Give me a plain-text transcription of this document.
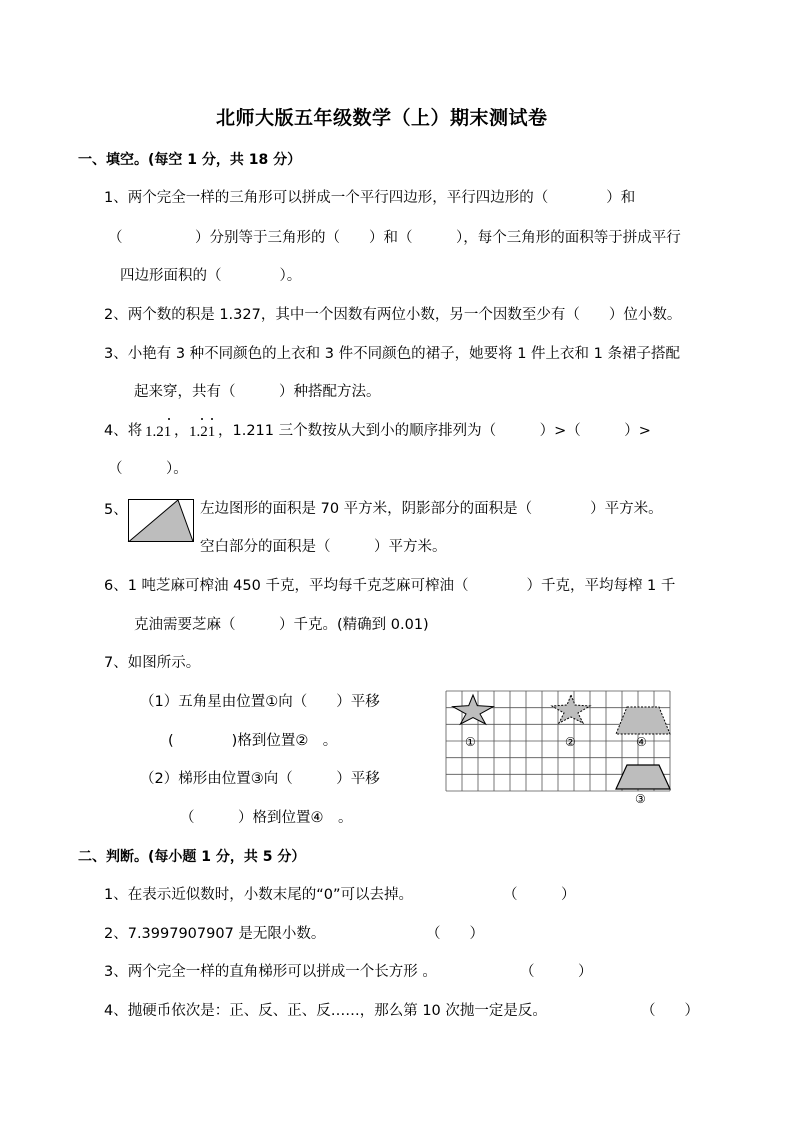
北师大版五年级数学（上）期末测试卷
一、填空。(每空 1 分，共 18 分）
1、两个完全一样的三角形可以拼成一个平行四边形，平行四边形的（　　　　）和
（　　　　　）分别等于三角形的（　　）和（　　　），每个三角形的面积等于拼成平行
四边形面积的（　　　　）。
2、两个数的积是 1.327，其中一个因数有两位小数，另一个因数至少有（　　）位小数。
3、小艳有 3 种不同颜色的上衣和 3 件不同颜色的裙子，她要将 1 件上衣和 1 条裙子搭配
起来穿，共有（　　　）种搭配方法。
4、将 1.21 ， 1.21 ，1.211 三个数按从大到小的顺序排列为（　　　）>（　　　）>
（　　　）。
5、	左边图形的面积是 70 平方米，阴影部分的面积是（　　　　）平方米。
空白部分的面积是（　　　）平方米。
6、1 吨芝麻可榨油 450 千克，平均每千克芝麻可榨油（　　　　）千克，平均每榨 1 千
克油需要芝麻（　　　）千克。(精确到 0.01)
7、如图所示。
（1）五角星由位置①向（　　）平移
(　　　　)格到位置②　。
（2）梯形由位置③向（　　　）平移
（　　　）格到位置④　。
①	②	④
③
二、判断。(每小题 1 分，共 5 分）
1、在表示近似数时，小数末尾的“0”可以去掉。	（　　　）
2、7.3997907907 是无限小数。	（　　）
3、两个完全一样的直角梯形可以拼成一个长方形 。	（　　　）
4、抛硬币依次是：正、反、正、反……，那么第 10 次抛一定是反。	（　　）
